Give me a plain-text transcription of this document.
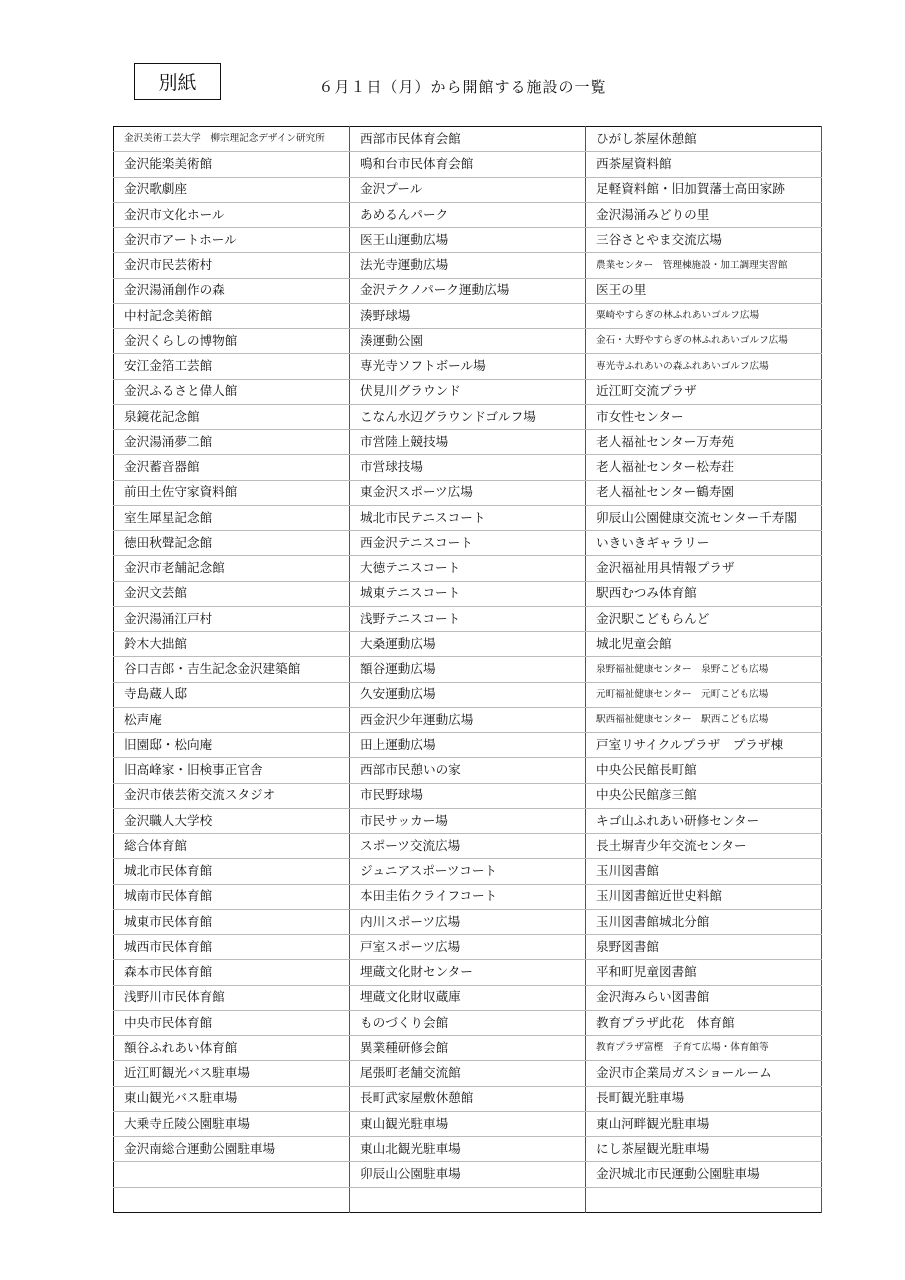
別紙	６月１日（月）から開館する施設の一覧
金沢美術工芸大学　柳宗理記念デザイン研究所	西部市民体育会館	ひがし茶屋休憩館
金沢能楽美術館	鳴和台市民体育会館	西茶屋資料館
金沢歌劇座	金沢プール	足軽資料館・旧加賀藩士高田家跡
金沢市文化ホール	あめるんパーク	金沢湯涌みどりの里
金沢市アートホール	医王山運動広場	三谷さとやま交流広場
金沢市民芸術村	法光寺運動広場	農業センター　管理棟施設・加工調理実習館
金沢湯涌創作の森	金沢テクノパーク運動広場	医王の里
中村記念美術館	湊野球場	粟崎やすらぎの林ふれあいゴルフ広場
金沢くらしの博物館	湊運動公園	金石・大野やすらぎの林ふれあいゴルフ広場
安江金箔工芸館	専光寺ソフトボール場	専光寺ふれあいの森ふれあいゴルフ広場
金沢ふるさと偉人館	伏見川グラウンド	近江町交流プラザ
泉鏡花記念館	こなん水辺グラウンドゴルフ場	市女性センター
金沢湯涌夢二館	市営陸上競技場	老人福祉センター万寿苑
金沢蓄音器館	市営球技場	老人福祉センター松寿荘
前田土佐守家資料館	東金沢スポーツ広場	老人福祉センター鶴寿園
室生犀星記念館	城北市民テニスコート	卯辰山公園健康交流センター千寿閣
徳田秋聲記念館	西金沢テニスコート	いきいきギャラリー
金沢市老舗記念館	大徳テニスコート	金沢福祉用具情報プラザ
金沢文芸館	城東テニスコート	駅西むつみ体育館
金沢湯涌江戸村	浅野テニスコート	金沢駅こどもらんど
鈴木大拙館	大桑運動広場	城北児童会館
谷口吉郎・吉生記念金沢建築館	額谷運動広場	泉野福祉健康センター　泉野こども広場
寺島蔵人邸	久安運動広場	元町福祉健康センター　元町こども広場
松声庵	西金沢少年運動広場	駅西福祉健康センター　駅西こども広場
旧園邸・松向庵	田上運動広場	戸室リサイクルプラザ　プラザ棟
旧高峰家・旧検事正官舎	西部市民憩いの家	中央公民館長町館
金沢市俵芸術交流スタジオ	市民野球場	中央公民館彦三館
金沢職人大学校	市民サッカー場	キゴ山ふれあい研修センター
総合体育館	スポーツ交流広場	長土塀青少年交流センター
城北市民体育館	ジュニアスポーツコート	玉川図書館
城南市民体育館	本田圭佑クライフコート	玉川図書館近世史料館
城東市民体育館	内川スポーツ広場	玉川図書館城北分館
城西市民体育館	戸室スポーツ広場	泉野図書館
森本市民体育館	埋蔵文化財センター	平和町児童図書館
浅野川市民体育館	埋蔵文化財収蔵庫	金沢海みらい図書館
中央市民体育館	ものづくり会館	教育プラザ此花　体育館
額谷ふれあい体育館	異業種研修会館	教育プラザ富樫　子育て広場・体育館等
近江町観光バス駐車場	尾張町老舗交流館	金沢市企業局ガスショールーム
東山観光バス駐車場	長町武家屋敷休憩館	長町観光駐車場
大乗寺丘陵公園駐車場	東山観光駐車場	東山河畔観光駐車場
金沢南総合運動公園駐車場	東山北観光駐車場	にし茶屋観光駐車場
	卯辰山公園駐車場	金沢城北市民運動公園駐車場
